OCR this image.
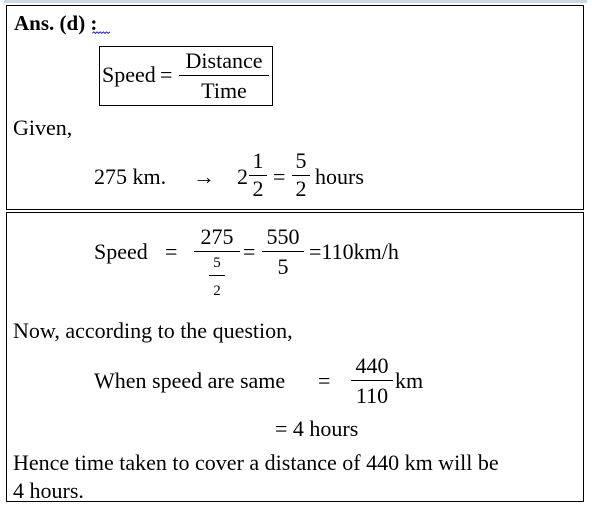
Ans. (d) :
Speed =
Distance
Time
Given,
275 km. → 2
1
2 =
5
2 hours
Speed =
275
5
2
=
550
5
=110km/h
Now, according to the question,
When speed are same =
440
110
km
= 4 hours
Hence time taken to cover a distance of 440 km will be
4 hours.
